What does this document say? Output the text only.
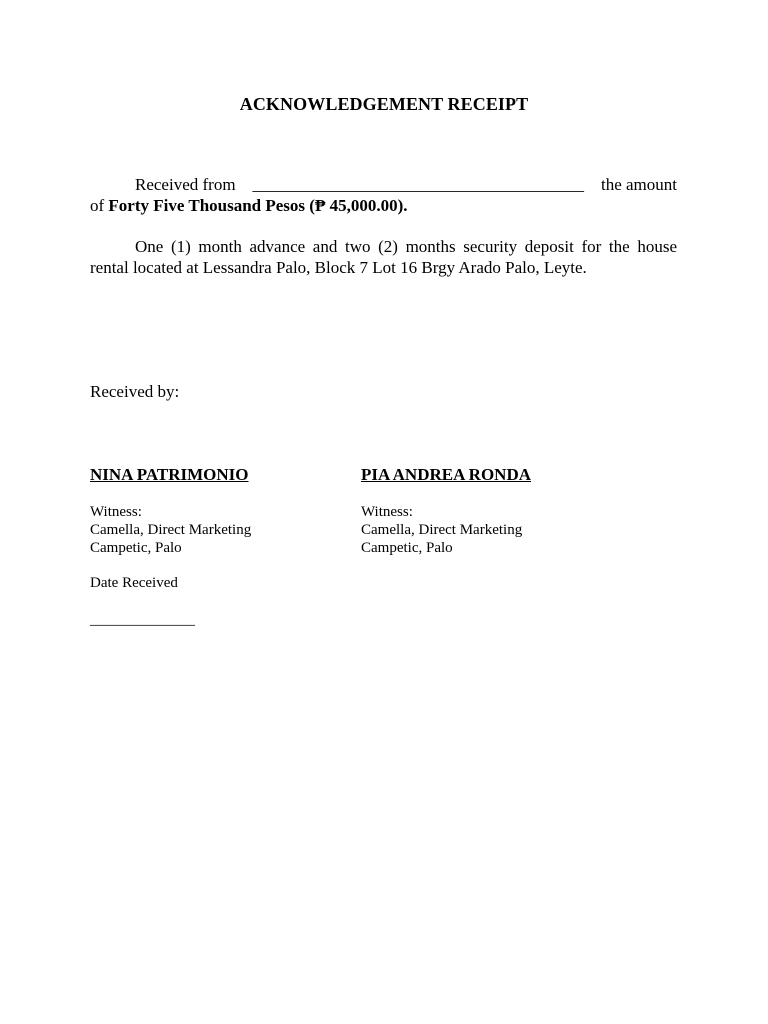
ACKNOWLEDGEMENT RECEIPT
Received from _______________________________________ the amount
of Forty Five Thousand Pesos (₱ 45,000.00).
One (1) month advance and two (2) months security deposit for the house
rental located at Lessandra Palo, Block 7 Lot 16 Brgy Arado Palo, Leyte.
Received by:
NINA PATRIMONIO	PIA ANDREA RONDA
Witness:
Camella, Direct Marketing
Campetic, Palo
Witness:
Camella, Direct Marketing
Campetic, Palo
Date Received
______________
